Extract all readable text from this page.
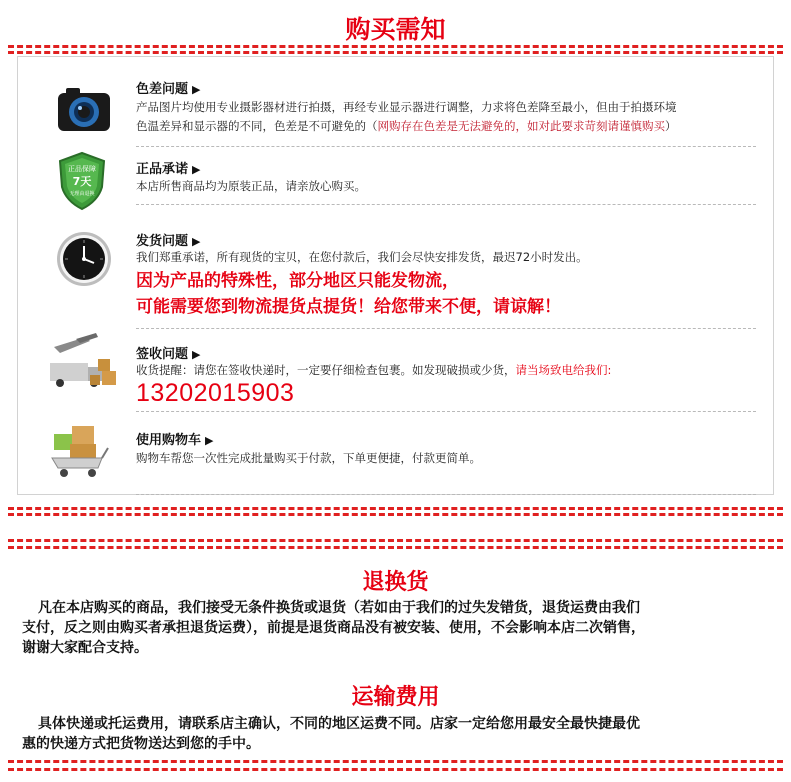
购买需知
色差问题 ▶
产品图片均使用专业摄影器材进行拍摄，再经专业显示器进行调整，力求将色差降至最小，但由于拍摄环境
色温差异和显示器的不同，色差是不可避免的（网购存在色差是无法避免的，如对此要求苛刻请谨慎购买）
正品保障
7天
无理由退换
正品承诺 ▶
本店所售商品均为原装正品，请亲放心购买。
发货问题 ▶
我们郑重承诺，所有现货的宝贝，在您付款后，我们会尽快安排发货，最迟72小时发出。
因为产品的特殊性，部分地区只能发物流，
可能需要您到物流提货点提货！给您带来不便，请谅解！
签收问题 ▶
收货提醒：请您在签收快递时，一定要仔细检查包裹。如发现破损或少货，请当场致电给我们:
13202015903
使用购物车 ▶
购物车帮您一次性完成批量购买于付款，下单更便捷，付款更简单。
退换货
凡在本店购买的商品，我们接受无条件换货或退货（若如由于我们的过失发错货，退货运费由我们
支付，反之则由购买者承担退货运费），前提是退货商品没有被安装、使用，不会影响本店二次销售，
谢谢大家配合支持。
运输费用
具体快递或托运费用，请联系店主确认，不同的地区运费不同。店家一定给您用最安全最快捷最优
惠的快递方式把货物送达到您的手中。
